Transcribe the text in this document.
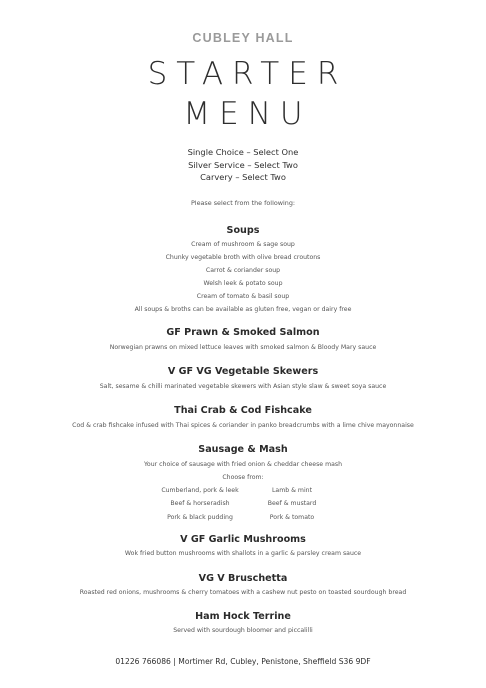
CUBLEY HALL
STARTER
MENU
Single Choice – Select One
Silver Service – Select Two
Carvery – Select Two
Please select from the following:
Soups
Cream of mushroom & sage soup
Chunky vegetable broth with olive bread croutons
Carrot & coriander soup
Welsh leek & potato soup
Cream of tomato & basil soup
All soups & broths can be available as gluten free, vegan or dairy free
GF Prawn & Smoked Salmon
Norwegian prawns on mixed lettuce leaves with smoked salmon & Bloody Mary sauce
V GF VG Vegetable Skewers
Salt, sesame & chilli marinated vegetable skewers with Asian style slaw & sweet soya sauce
Thai Crab & Cod Fishcake
Cod & crab fishcake infused with Thai spices & coriander in panko breadcrumbs with a lime chive mayonnaise
Sausage & Mash
Your choice of sausage with fried onion & cheddar cheese mash
Choose from:
Cumberland, pork & leek
Beef & horseradish
Pork & black pudding
Lamb & mint
Beef & mustard
Pork & tomato
V GF Garlic Mushrooms
Wok fried button mushrooms with shallots in a garlic & parsley cream sauce
VG V Bruschetta
Roasted red onions, mushrooms & cherry tomatoes with a cashew nut pesto on toasted sourdough bread
Ham Hock Terrine
Served with sourdough bloomer and piccalilli
01226 766086 | Mortimer Rd, Cubley, Penistone, Sheffield S36 9DF
